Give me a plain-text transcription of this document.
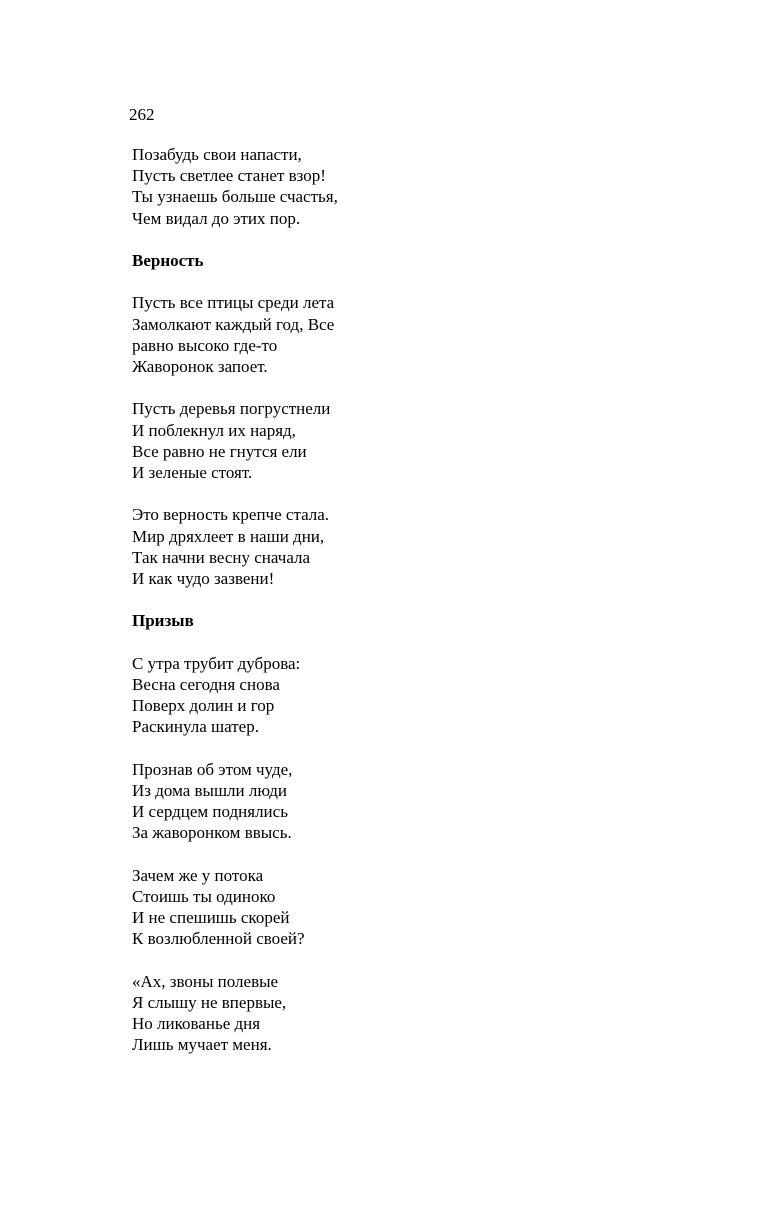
262
Позабудь свои напасти,
Пусть светлее станет взор!
Ты узнаешь больше счастья,
Чем видал до этих пор.
Верность
Пусть все птицы среди лета
Замолкают каждый год, Все
равно высоко где-то
Жаворонок запоет.
Пусть деревья погрустнели
И поблекнул их наряд,
Все равно не гнутся ели
И зеленые стоят.
Это верность крепче стала.
Мир дряхлеет в наши дни,
Так начни весну сначала
И как чудо зазвени!
Призыв
С утра трубит дуброва:
Весна сегодня снова
Поверх долин и гор
Раскинула шатер.
Прознав об этом чуде,
Из дома вышли люди
И сердцем поднялись
За жаворонком ввысь.
Зачем же у потока
Стоишь ты одиноко
И не спешишь скорей
К возлюбленной своей?
«Ах, звоны полевые
Я слышу не впервые,
Но ликованье дня
Лишь мучает меня.
